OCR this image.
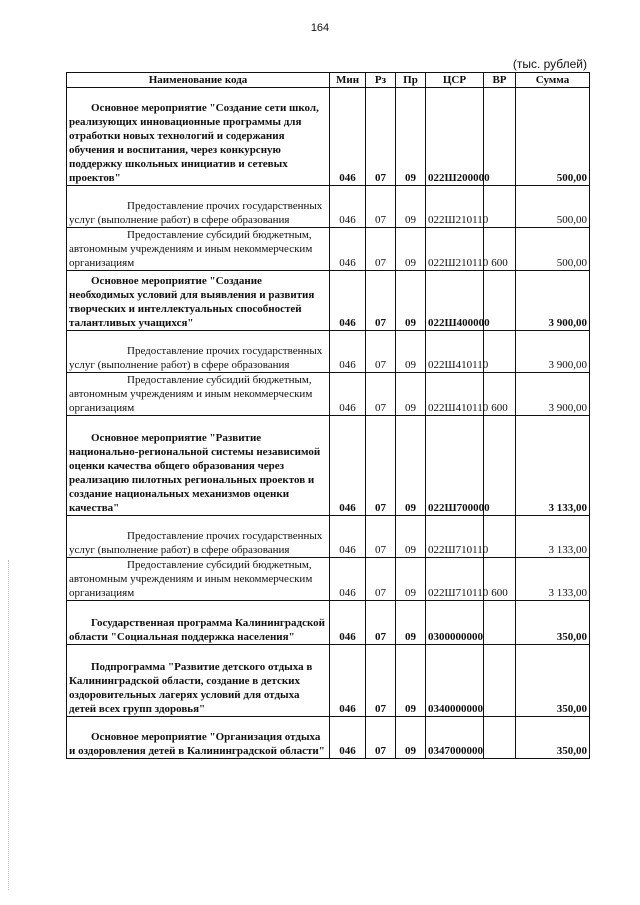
164
(тыс. рублей)
Наименование кода	Мин	Рз	Пр	ЦСР	ВР	Сумма

Основное мероприятие "Создание сети школ, реализующих инновационные программы для отработки новых технологий и содержания обучения и воспитания, через конкурсную поддержку школьных инициатив и сетевых проектов"	046	07	09	022Ш200000		500,00

Предоставление прочих государственных услуг (выполнение работ) в сфере образования	046	07	09	022Ш210110		500,00

Предоставление субсидий бюджетным, автономным учреждениям и иным некоммерческим организациям	046	07	09	022Ш210110	600	500,00

Основное мероприятие "Создание необходимых условий для выявления и развития творческих и интеллектуальных способностей талантливых учащихся"	046	07	09	022Ш400000		3 900,00

Предоставление прочих государственных услуг (выполнение работ) в сфере образования	046	07	09	022Ш410110		3 900,00

Предоставление субсидий бюджетным, автономным учреждениям и иным некоммерческим организациям	046	07	09	022Ш410110	600	3 900,00

Основное мероприятие "Развитие национально-региональной системы независимой оценки качества общего образования через реализацию пилотных региональных проектов и создание национальных механизмов оценки качества"	046	07	09	022Ш700000		3 133,00

Предоставление прочих государственных услуг (выполнение работ) в сфере образования	046	07	09	022Ш710110		3 133,00

Предоставление субсидий бюджетным, автономным учреждениям и иным некоммерческим организациям	046	07	09	022Ш710110	600	3 133,00

Государственная программа Калининградской области "Социальная поддержка населения"	046	07	09	0300000000		350,00

Подпрограмма "Развитие детского отдыха в Калининградской области, создание в детских оздоровительных лагерях условий для отдыха детей всех групп здоровья"	046	07	09	0340000000		350,00

Основное мероприятие "Организация отдыха и оздоровления детей в Калининградской области"	046	07	09	0347000000		350,00
